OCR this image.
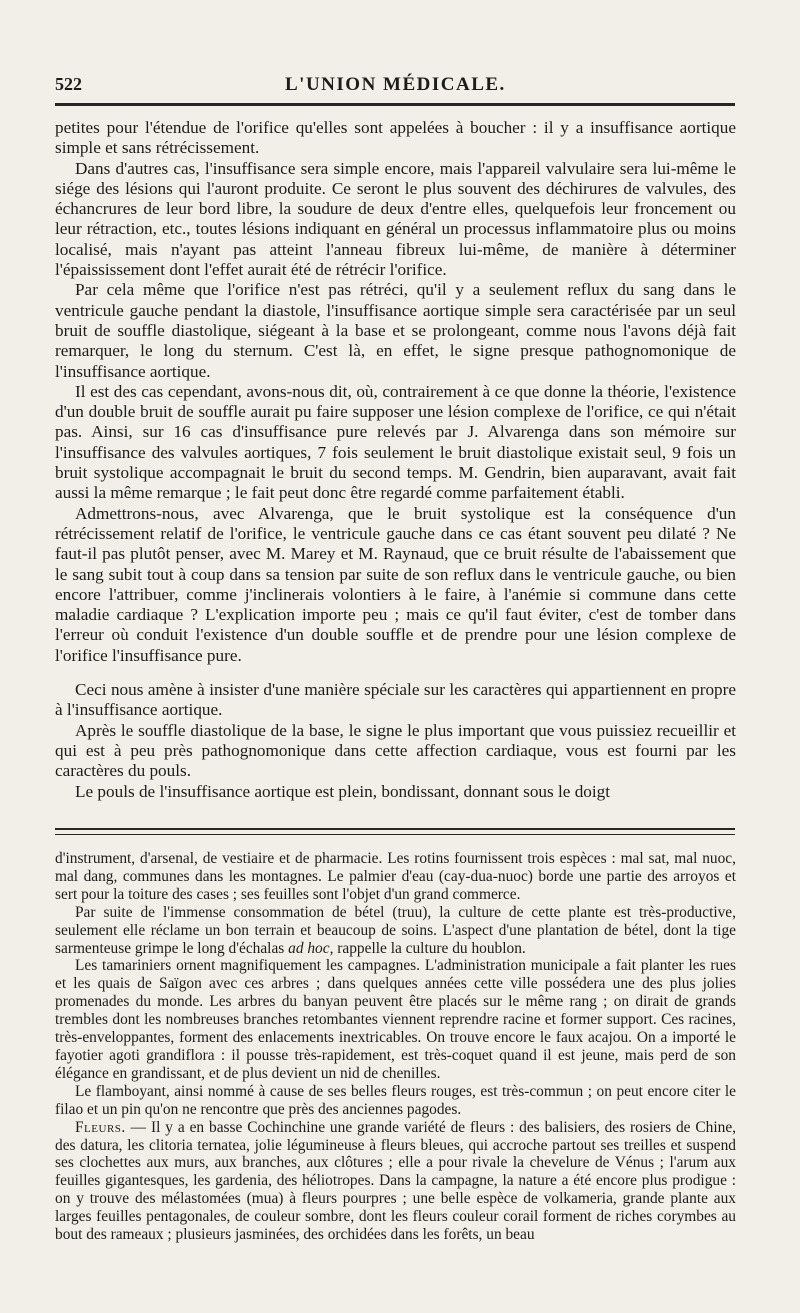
522	L'UNION MÉDICALE.

petites pour l'étendue de l'orifice qu'elles sont appelées à boucher : il y a insuffisance aortique simple et sans rétrécissement.

Dans d'autres cas, l'insuffisance sera simple encore, mais l'appareil valvulaire sera lui-même le siége des lésions qui l'auront produite. Ce seront le plus souvent des déchirures de valvules, des échancrures de leur bord libre, la soudure de deux d'entre elles, quelquefois leur froncement ou leur rétraction, etc., toutes lésions indiquant en général un processus inflammatoire plus ou moins localisé, mais n'ayant pas atteint l'anneau fibreux lui-même, de manière à déterminer l'épaississement dont l'effet aurait été de rétrécir l'orifice.

Par cela même que l'orifice n'est pas rétréci, qu'il y a seulement reflux du sang dans le ventricule gauche pendant la diastole, l'insuffisance aortique simple sera caractérisée par un seul bruit de souffle diastolique, siégeant à la base et se prolongeant, comme nous l'avons déjà fait remarquer, le long du sternum. C'est là, en effet, le signe presque pathognomonique de l'insuffisance aortique.

Il est des cas cependant, avons-nous dit, où, contrairement à ce que donne la théorie, l'existence d'un double bruit de souffle aurait pu faire supposer une lésion complexe de l'orifice, ce qui n'était pas. Ainsi, sur 16 cas d'insuffisance pure relevés par J. Alvarenga dans son mémoire sur l'insuffisance des valvules aortiques, 7 fois seulement le bruit diastolique existait seul, 9 fois un bruit systolique accompagnait le bruit du second temps. M. Gendrin, bien auparavant, avait fait aussi la même remarque ; le fait peut donc être regardé comme parfaitement établi.

Admettrons-nous, avec Alvarenga, que le bruit systolique est la conséquence d'un rétrécissement relatif de l'orifice, le ventricule gauche dans ce cas étant souvent peu dilaté ? Ne faut-il pas plutôt penser, avec M. Marey et M. Raynaud, que ce bruit résulte de l'abaissement que le sang subit tout à coup dans sa tension par suite de son reflux dans le ventricule gauche, ou bien encore l'attribuer, comme j'inclinerais volontiers à le faire, à l'anémie si commune dans cette maladie cardiaque ? L'explication importe peu ; mais ce qu'il faut éviter, c'est de tomber dans l'erreur où conduit l'existence d'un double souffle et de prendre pour une lésion complexe de l'orifice l'insuffisance pure.

Ceci nous amène à insister d'une manière spéciale sur les caractères qui appartiennent en propre à l'insuffisance aortique.

Après le souffle diastolique de la base, le signe le plus important que vous puissiez recueillir et qui est à peu près pathognomonique dans cette affection cardiaque, vous est fourni par les caractères du pouls.

Le pouls de l'insuffisance aortique est plein, bondissant, donnant sous le doigt

d'instrument, d'arsenal, de vestiaire et de pharmacie. Les rotins fournissent trois espèces : mal sat, mal nuoc, mal dang, communes dans les montagnes. Le palmier d'eau (cay-dua-nuoc) borde une partie des arroyos et sert pour la toiture des cases ; ses feuilles sont l'objet d'un grand commerce.

Par suite de l'immense consommation de bétel (truu), la culture de cette plante est très-productive, seulement elle réclame un bon terrain et beaucoup de soins. L'aspect d'une plantation de bétel, dont la tige sarmenteuse grimpe le long d'échalas ad hoc, rappelle la culture du houblon.

Les tamariniers ornent magnifiquement les campagnes. L'administration municipale a fait planter les rues et les quais de Saïgon avec ces arbres ; dans quelques années cette ville possédera une des plus jolies promenades du monde. Les arbres du banyan peuvent être placés sur le même rang ; on dirait de grands trembles dont les nombreuses branches retombantes viennent reprendre racine et former support. Ces racines, très-enveloppantes, forment des enlacements inextricables. On trouve encore le faux acajou. On a importé le fayotier agoti grandiflora : il pousse très-rapidement, est très-coquet quand il est jeune, mais perd de son élégance en grandissant, et de plus devient un nid de chenilles.

Le flamboyant, ainsi nommé à cause de ses belles fleurs rouges, est très-commun ; on peut encore citer le filao et un pin qu'on ne rencontre que près des anciennes pagodes.

Fleurs. — Il y a en basse Cochinchine une grande variété de fleurs : des balisiers, des rosiers de Chine, des datura, les clitoria ternatea, jolie légumineuse à fleurs bleues, qui accroche partout ses treilles et suspend ses clochettes aux murs, aux branches, aux clôtures ; elle a pour rivale la chevelure de Vénus ; l'arum aux feuilles gigantesques, les gardenia, des héliotropes. Dans la campagne, la nature a été encore plus prodigue : on y trouve des mélastomées (mua) à fleurs pourpres ; une belle espèce de volkameria, grande plante aux larges feuilles pentagonales, de couleur sombre, dont les fleurs couleur corail forment de riches corymbes au bout des rameaux ; plusieurs jasminées, des orchidées dans les forêts, un beau
